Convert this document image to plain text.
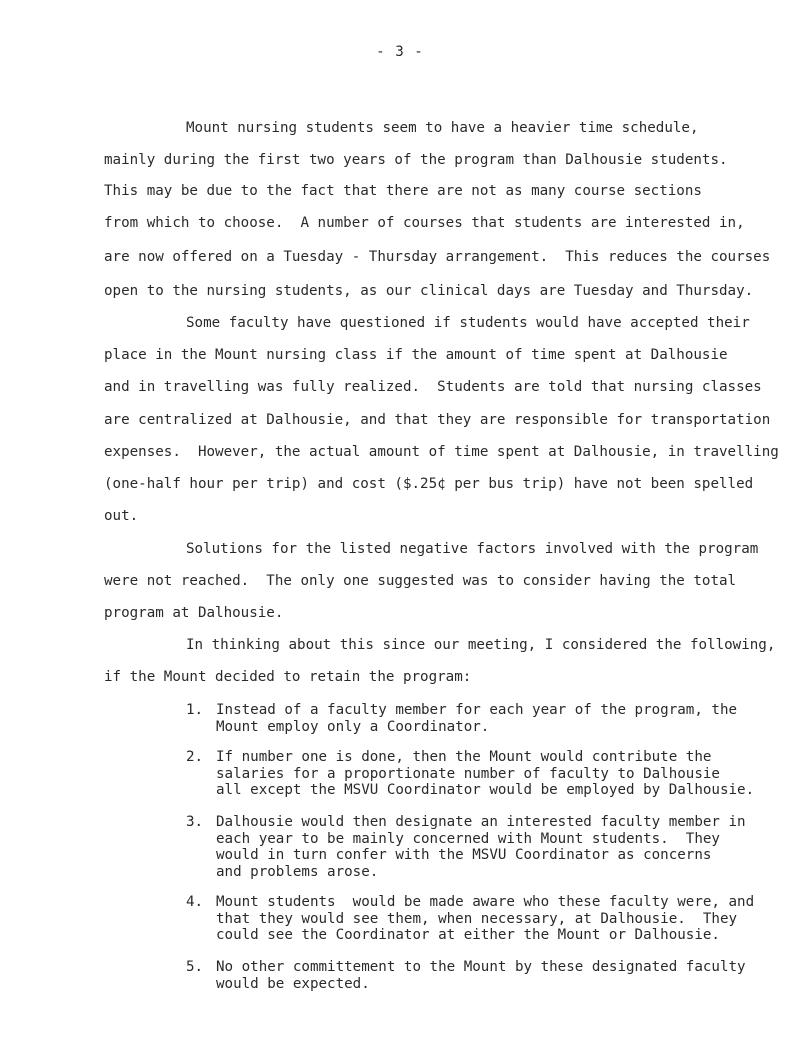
- 3 -
Mount nursing students seem to have a heavier time schedule,
mainly during the first two years of the program than Dalhousie students.
This may be due to the fact that there are not as many course sections
from which to choose.  A number of courses that students are interested in,
are now offered on a Tuesday - Thursday arrangement.  This reduces the courses
open to the nursing students, as our clinical days are Tuesday and Thursday.
Some faculty have questioned if students would have accepted their
place in the Mount nursing class if the amount of time spent at Dalhousie
and in travelling was fully realized.  Students are told that nursing classes
are centralized at Dalhousie, and that they are responsible for transportation
expenses.  However, the actual amount of time spent at Dalhousie, in travelling
(one-half hour per trip) and cost ($.25¢ per bus trip) have not been spelled
out.
Solutions for the listed negative factors involved with the program
were not reached.  The only one suggested was to consider having the total
program at Dalhousie.
In thinking about this since our meeting, I considered the following,
if the Mount decided to retain the program:
1. Instead of a faculty member for each year of the program, the
Mount employ only a Coordinator.
2. If number one is done, then the Mount would contribute the
salaries for a proportionate number of faculty to Dalhousie
all except the MSVU Coordinator would be employed by Dalhousie.
3. Dalhousie would then designate an interested faculty member in
each year to be mainly concerned with Mount students.  They
would in turn confer with the MSVU Coordinator as concerns
and problems arose.
4. Mount students  would be made aware who these faculty were, and
that they would see them, when necessary, at Dalhousie.  They
could see the Coordinator at either the Mount or Dalhousie.
5. No other committement to the Mount by these designated faculty
would be expected.
